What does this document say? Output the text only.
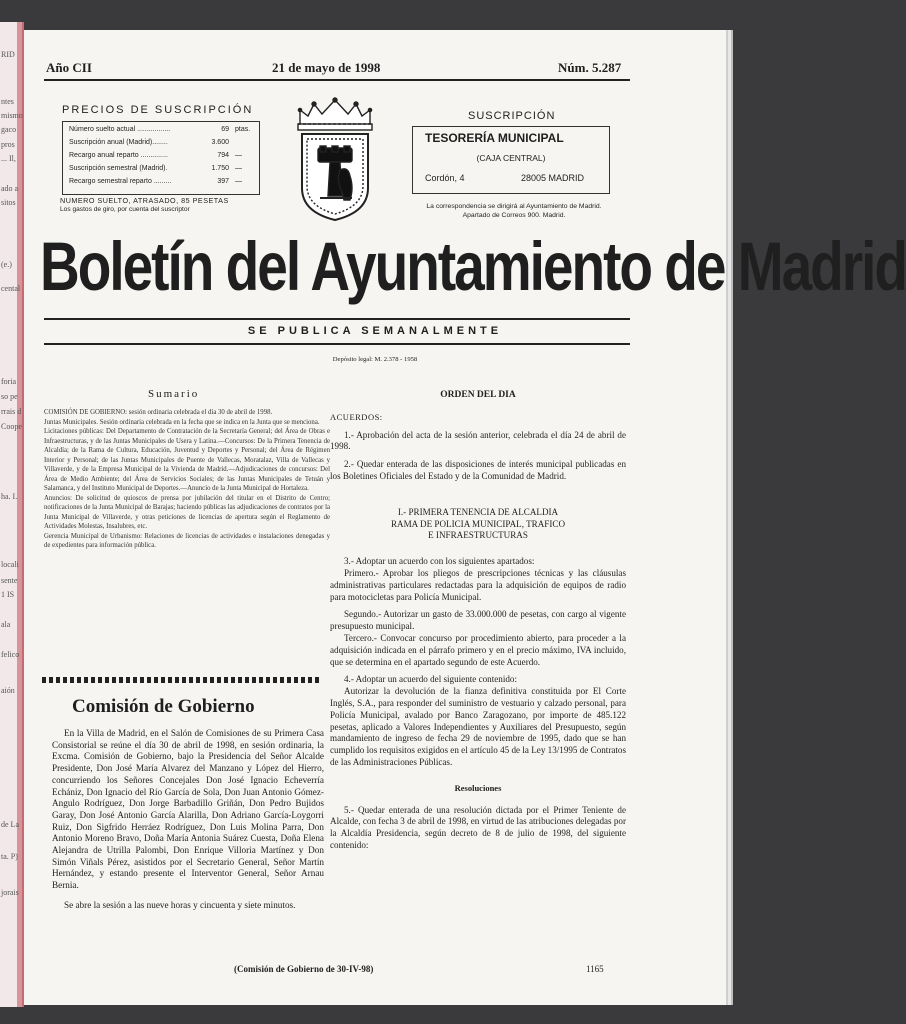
RID
ntes
mismo
gaco
pros
... Il,
ado a
sitos
(e.)
cental
foria
so pe
rrais d
Coope
ha. I.
locali
sente
1 IS
ala
felico
aión
de La
ta. P)
jorais
Año CII	21 de mayo de 1998	Núm. 5.287
PRECIOS DE SUSCRIPCIÓN
Número suelto actual .................	69 ptas.
Suscripción anual (Madrid)........	3.600
Recargo anual reparto ..............	794 —
Suscripción semestral (Madrid).	1.750 —
Recargo semestral reparto .........	397 —
NUMERO SUELTO, ATRASADO, 85 PESETAS
Los gastos de giro, por cuenta del suscriptor
SUSCRIPCIÓN
TESORERÍA MUNICIPAL
(CAJA CENTRAL)
Cordón, 4	28005 MADRID
La correspondencia se dirigirá al Ayuntamiento de Madrid. Apartado de Correos 900. Madrid.
Boletín del Ayuntamiento de Madrid
SE PUBLICA SEMANALMENTE
Depósito legal: M. 2.378 - 1958
Sumario

COMISIÓN DE GOBIERNO: sesión ordinaria celebrada el día 30 de abril de 1998.

Juntas Municipales. Sesión ordinaria celebrada en la fecha que se indica en la Junta que se menciona.

Licitaciones públicas: Del Departamento de Contratación de la Secretaría General; del Área de Obras e Infraestructuras, y de las Juntas Municipales de Usera y Latina.—Concursos: De la Primera Tenencia de Alcaldía; de la Rama de Cultura, Educación, Juventud y Deportes y Personal; del Área de Régimen Interior y Personal; de las Juntas Municipales de Puente de Vallecas, Moratalaz, Villa de Vallecas y Villaverde, y de la Empresa Municipal de la Vivienda de Madrid.—Adjudicaciones de concursos: Del Área de Medio Ambiente; del Área de Servicios Sociales; de las Juntas Municipales de Tetuán y Salamanca, y del Instituto Municipal de Deportes.—Anuncio de la Junta Municipal de Hortaleza.

Anuncios: De solicitud de quioscos de prensa por jubilación del titular en el Distrito de Centro; notificaciones de la Junta Municipal de Barajas; haciendo públicas las adjudicaciones de contratos por la Junta Municipal de Villaverde, y otras peticiones de licencias de apertura según el Reglamento de Actividades Molestas, Insalubres, etc.

Gerencia Municipal de Urbanismo: Relaciones de licencias de actividades e instalaciones denegadas y de expedientes para información pública.

Comisión de Gobierno

En la Villa de Madrid, en el Salón de Comisiones de su Primera Casa Consistorial se reúne el día 30 de abril de 1998, en sesión ordinaria, la Excma. Comisión de Gobierno, bajo la Presidencia del Señor Alcalde Presidente, Don José María Alvarez del Manzano y López del Hierro, concurriendo los Señores Concejales Don José Ignacio Echeverría Echániz, Don Ignacio del Río García de Sola, Don Juan Antonio Gómez-Angulo Rodríguez, Don Jorge Barbadillo Griñán, Don Pedro Bujidos Garay, Don José Antonio García Alarilla, Don Adriano García-Loygorri Ruiz, Don Sigfrido Herráez Rodríguez, Don Luis Molina Parra, Don Antonio Moreno Bravo, Doña María Antonia Suárez Cuesta, Doña Elena Alejandra de Utrilla Palombi, Don Enrique Villoria Martínez y Don Simón Viñals Pérez, asistidos por el Secretario General, Señor Martín Hernández, y estando presente el Interventor General, Señor Arnau Bernia.

Se abre la sesión a las nueve horas y cincuenta y siete minutos.

ORDEN DEL DIA

ACUERDOS:

1.- Aprobación del acta de la sesión anterior, celebrada el día 24 de abril de 1998.

2.- Quedar enterada de las disposiciones de interés municipal publicadas en los Boletines Oficiales del Estado y de la Comunidad de Madrid.

I.- PRIMERA TENENCIA DE ALCALDIA

RAMA DE POLICIA MUNICIPAL, TRAFICO

E INFRAESTRUCTURAS

3.- Adoptar un acuerdo con los siguientes apartados:

Primero.- Aprobar los pliegos de prescripciones técnicas y las cláusulas administrativas particulares redactadas para la adquisición de equipos de radio para motocicletas para Policía Municipal.

Segundo.- Autorizar un gasto de 33.000.000 de pesetas, con cargo al vigente presupuesto municipal.

Tercero.- Convocar concurso por procedimiento abierto, para proceder a la adquisición indicada en el párrafo primero y en el precio máximo, IVA incluido, que se determina en el apartado segundo de este Acuerdo.

4.- Adoptar un acuerdo del siguiente contenido:

Autorizar la devolución de la fianza definitiva constituida por El Corte Inglés, S.A., para responder del suministro de vestuario y calzado personal, para Policía Municipal, avalado por Banco Zaragozano, por importe de 485.122 pesetas, aplicado a Valores Independientes y Auxiliares del Presupuesto, según mandamiento de ingreso de fecha 29 de noviembre de 1995, dado que se han cumplido los requisitos exigidos en el artículo 45 de la Ley 13/1995 de Contratos de las Administraciones Públicas.

Resoluciones

5.- Quedar enterada de una resolución dictada por el Primer Teniente de Alcalde, con fecha 3 de abril de 1998, en virtud de las atribuciones delegadas por la Alcaldía Presidencia, según decreto de 8 de julio de 1998, del siguiente contenido:

(Comisión de Gobierno de 30-IV-98)	1165
